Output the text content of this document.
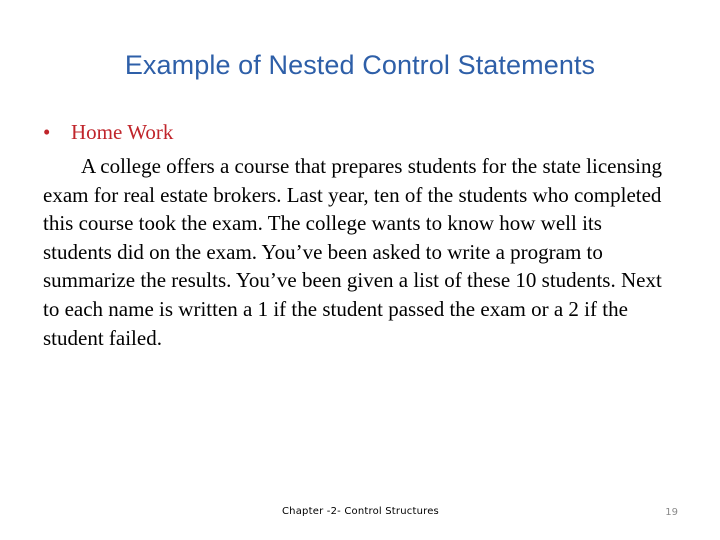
Example of Nested Control Statements
• Home Work

A college offers a course that prepares students for the state licensing exam for real estate brokers. Last year, ten of the students who completed this course took the exam. The college wants to know how well its students did on the exam. You’ve been asked to write a program to summarize the results. You’ve been given a list of these 10 students. Next to each name is written a 1 if the student passed the exam or a 2 if the student failed.

Chapter -2- Control Structures	19
